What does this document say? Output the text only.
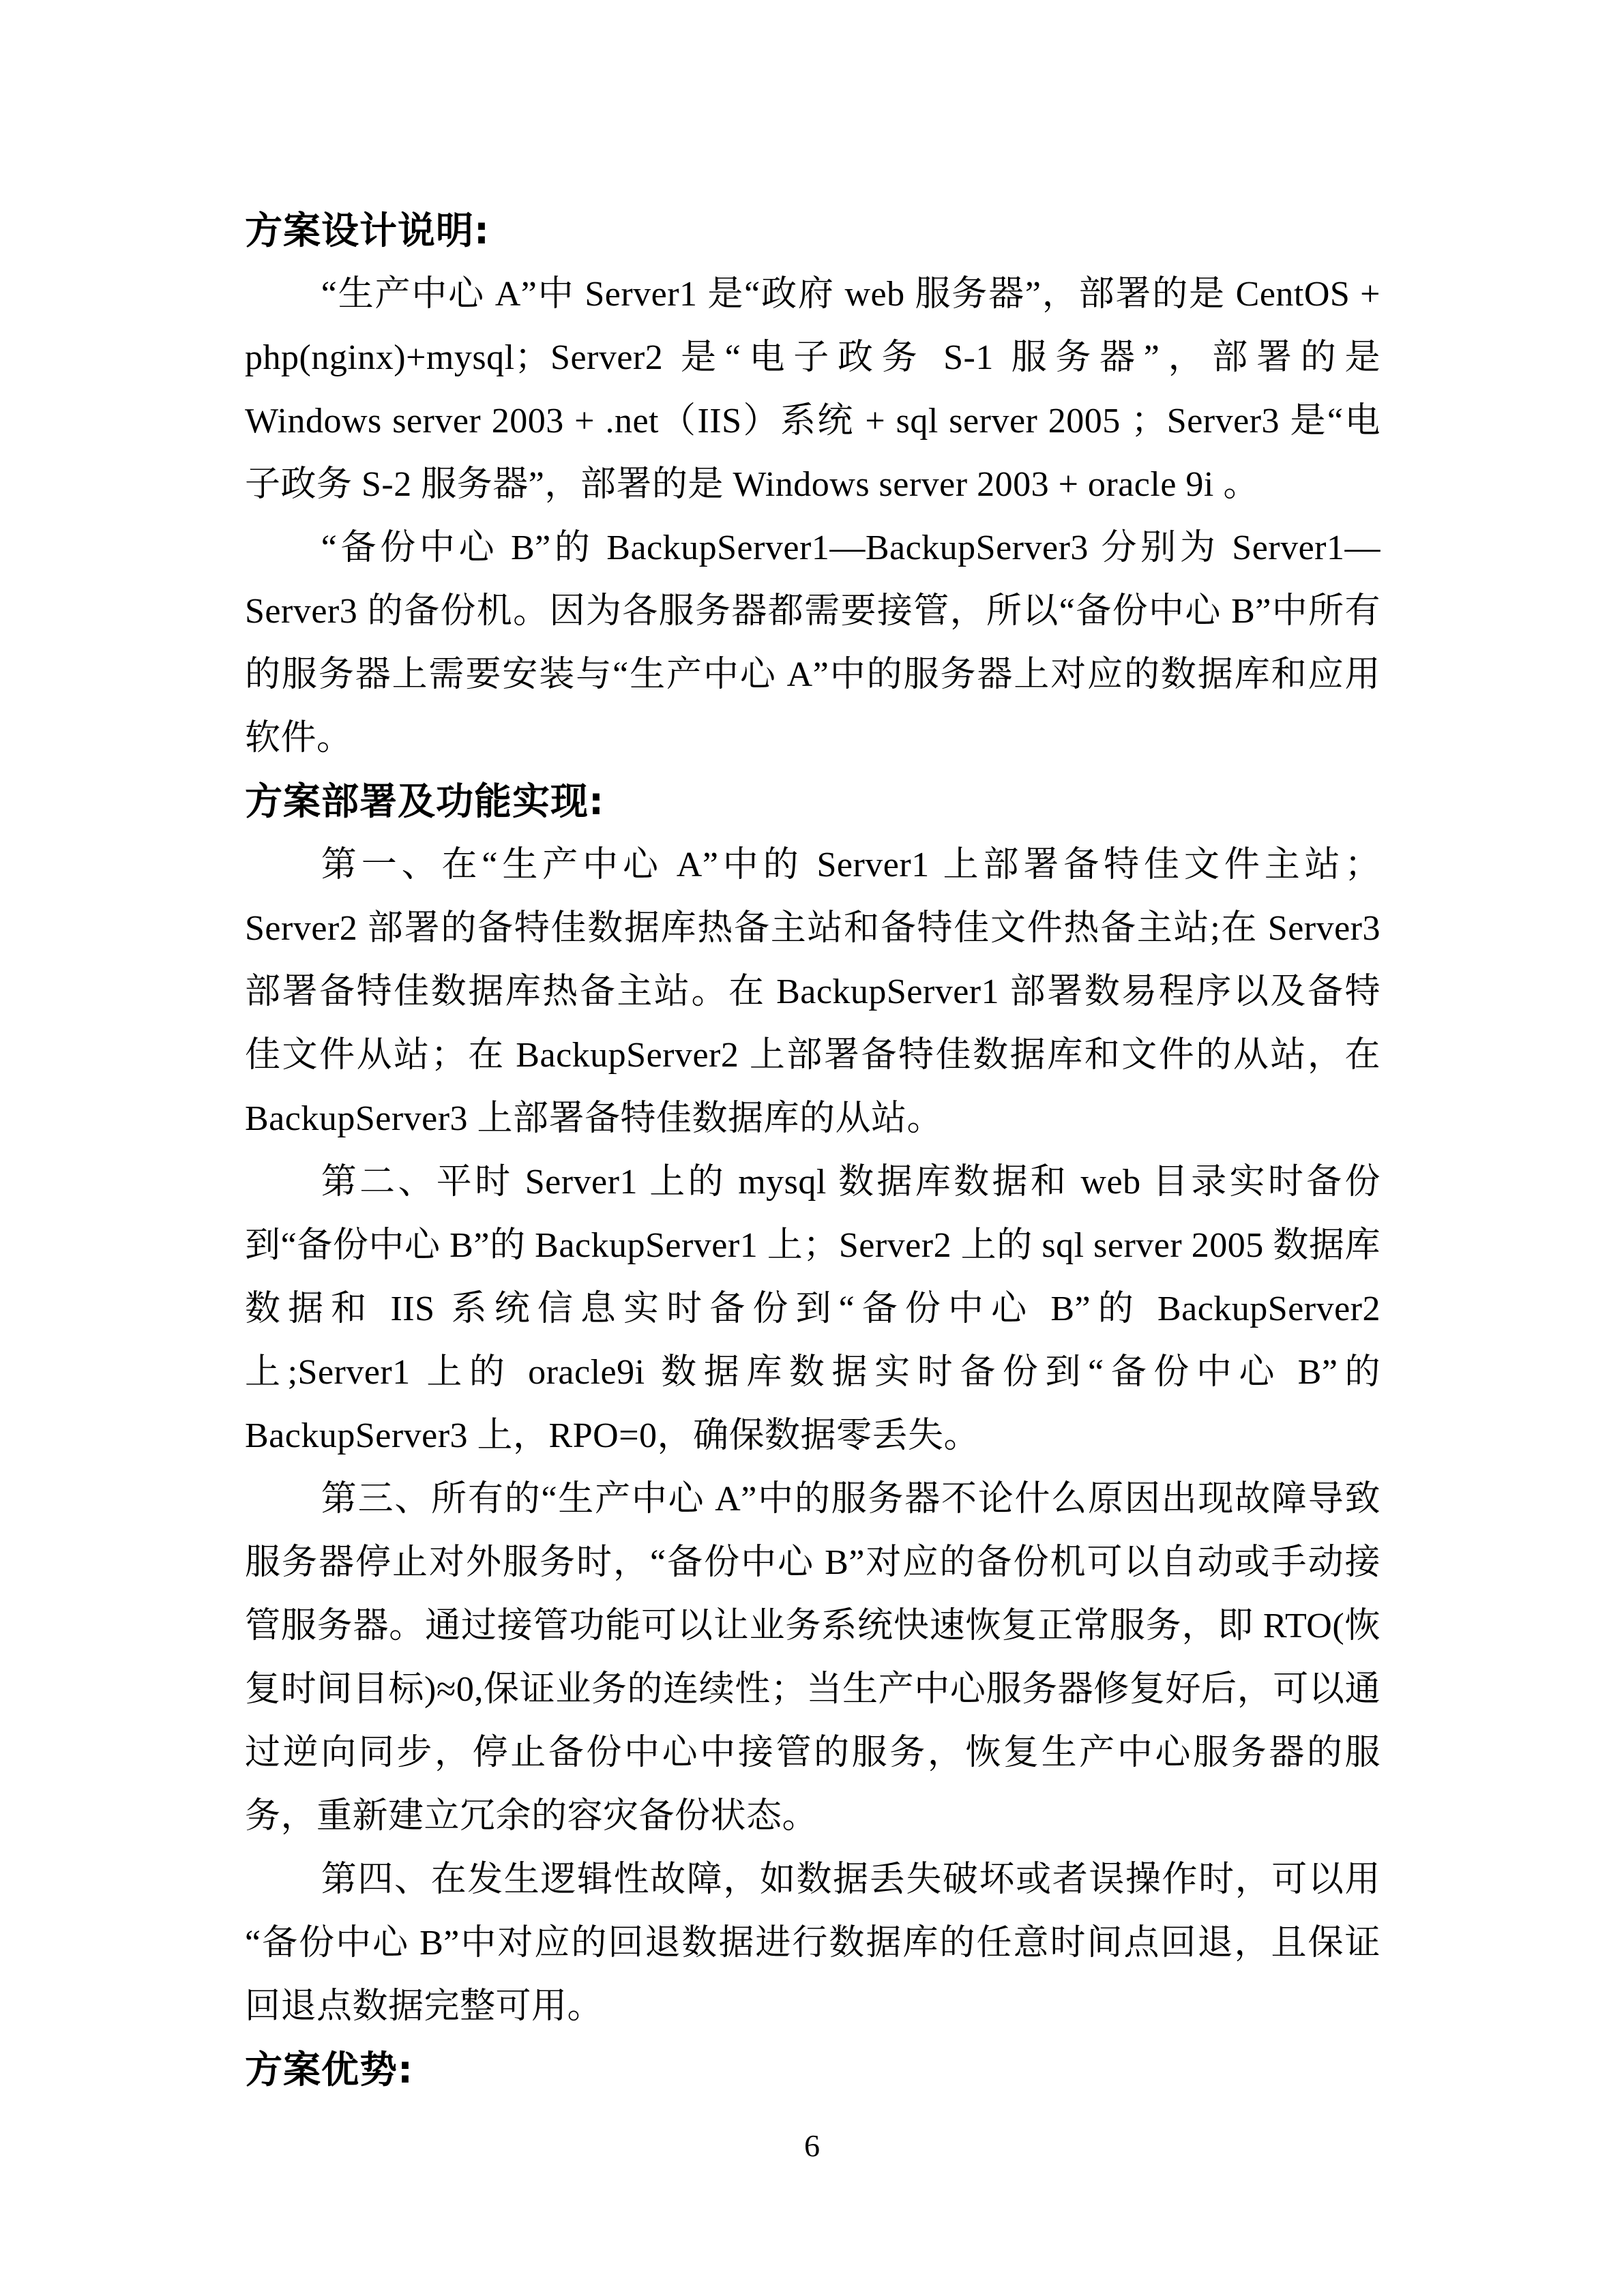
方案设计说明:

“生产中心 A”中 Server1 是“政府 web 服务器”，部署的是 CentOS + php(nginx)+mysql；Server2 是“电子政务 S-1 服务器”，部署的是 Windows server 2003 + .net（IIS）系统 + sql server 2005 ；Server3 是“电子政务 S-2 服务器”，部署的是 Windows server 2003 + oracle 9i 。

“备份中心 B”的 BackupServer1—BackupServer3 分别为 Server1—Server3 的备份机。因为各服务器都需要接管，所以“备份中心 B”中所有的服务器上需要安装与“生产中心 A”中的服务器上对应的数据库和应用软件。

方案部署及功能实现:

第一、在“生产中心 A”中的 Server1 上部署备特佳文件主站；Server2 部署的备特佳数据库热备主站和备特佳文件热备主站;在 Server3 部署备特佳数据库热备主站。在 BackupServer1 部署数易程序以及备特佳文件从站；在 BackupServer2 上部署备特佳数据库和文件的从站，在 BackupServer3 上部署备特佳数据库的从站。

第二、平时 Server1 上的 mysql 数据库数据和 web 目录实时备份到“备份中心 B”的 BackupServer1 上；Server2 上的 sql server 2005 数据库数据和 IIS 系统信息实时备份到“备份中心 B”的 BackupServer2 上;Server1 上的 oracle9i 数据库数据实时备份到“备份中心 B”的 BackupServer3 上，RPO=0，确保数据零丢失。

第三、所有的“生产中心 A”中的服务器不论什么原因出现故障导致服务器停止对外服务时，“备份中心 B”对应的备份机可以自动或手动接管服务器。通过接管功能可以让业务系统快速恢复正常服务，即 RTO(恢复时间目标)≈0,保证业务的连续性；当生产中心服务器修复好后，可以通过逆向同步，停止备份中心中接管的服务，恢复生产中心服务器的服务，重新建立冗余的容灾备份状态。

第四、在发生逻辑性故障，如数据丢失破坏或者误操作时，可以用 “备份中心 B”中对应的回退数据进行数据库的任意时间点回退，且保证回退点数据完整可用。

方案优势:
6
